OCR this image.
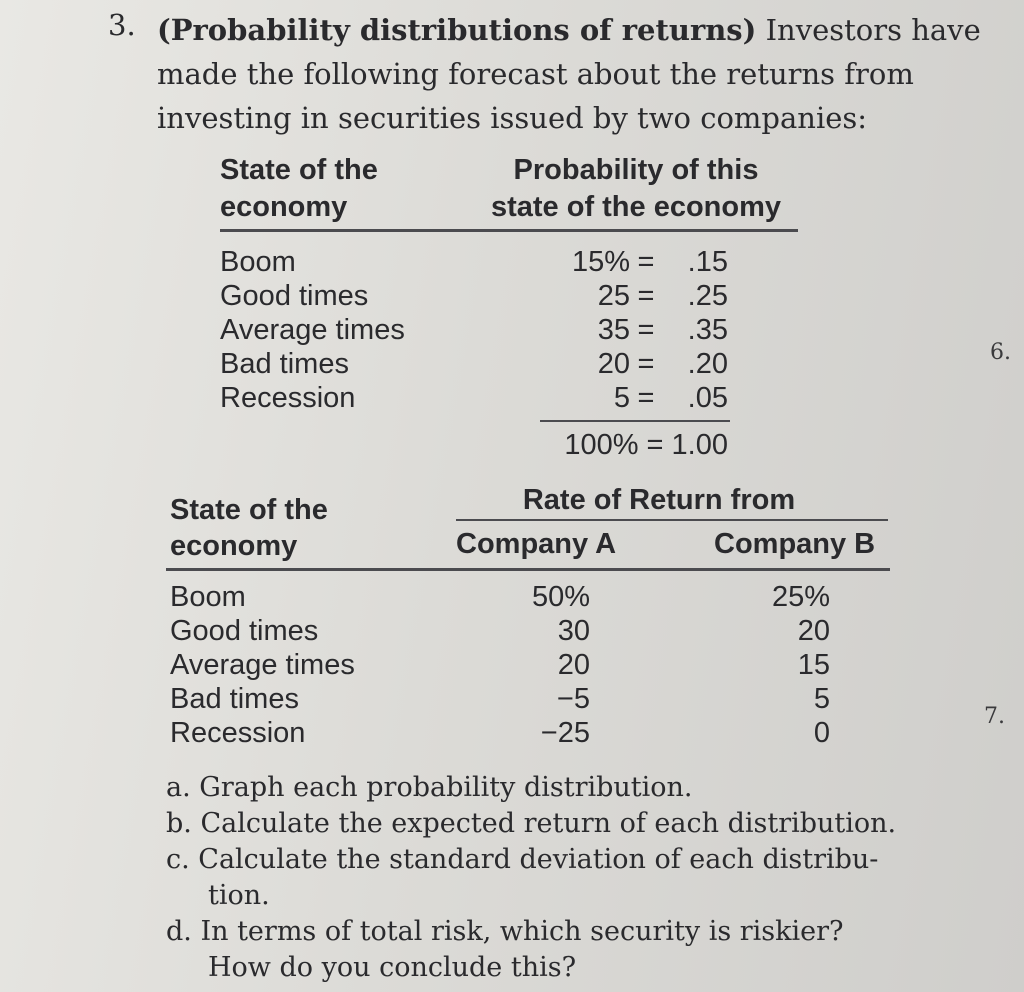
3. (Probability distributions of returns) Investors have
made the following forecast about the returns from
investing in securities issued by two companies:
State of the
economy
Probability of this
state of the economy
Boom
Good times
Average times
Bad times
Recession
15%
25
35
20
5
=
=
=
=
=
.15
.25
.35
.20
.05
100% = 1.00
State of the
economy
Rate of Return from
Company A	Company B
Boom
Good times
Average times
Bad times
Recession
50%
30
20
−5
−25
25%
20
15
5
0
a. Graph each probability distribution.
b. Calculate the expected return of each distribution.
c. Calculate the standard deviation of each distribu-
tion.
d. In terms of total risk, which security is riskier?
How do you conclude this?
6.
7.
